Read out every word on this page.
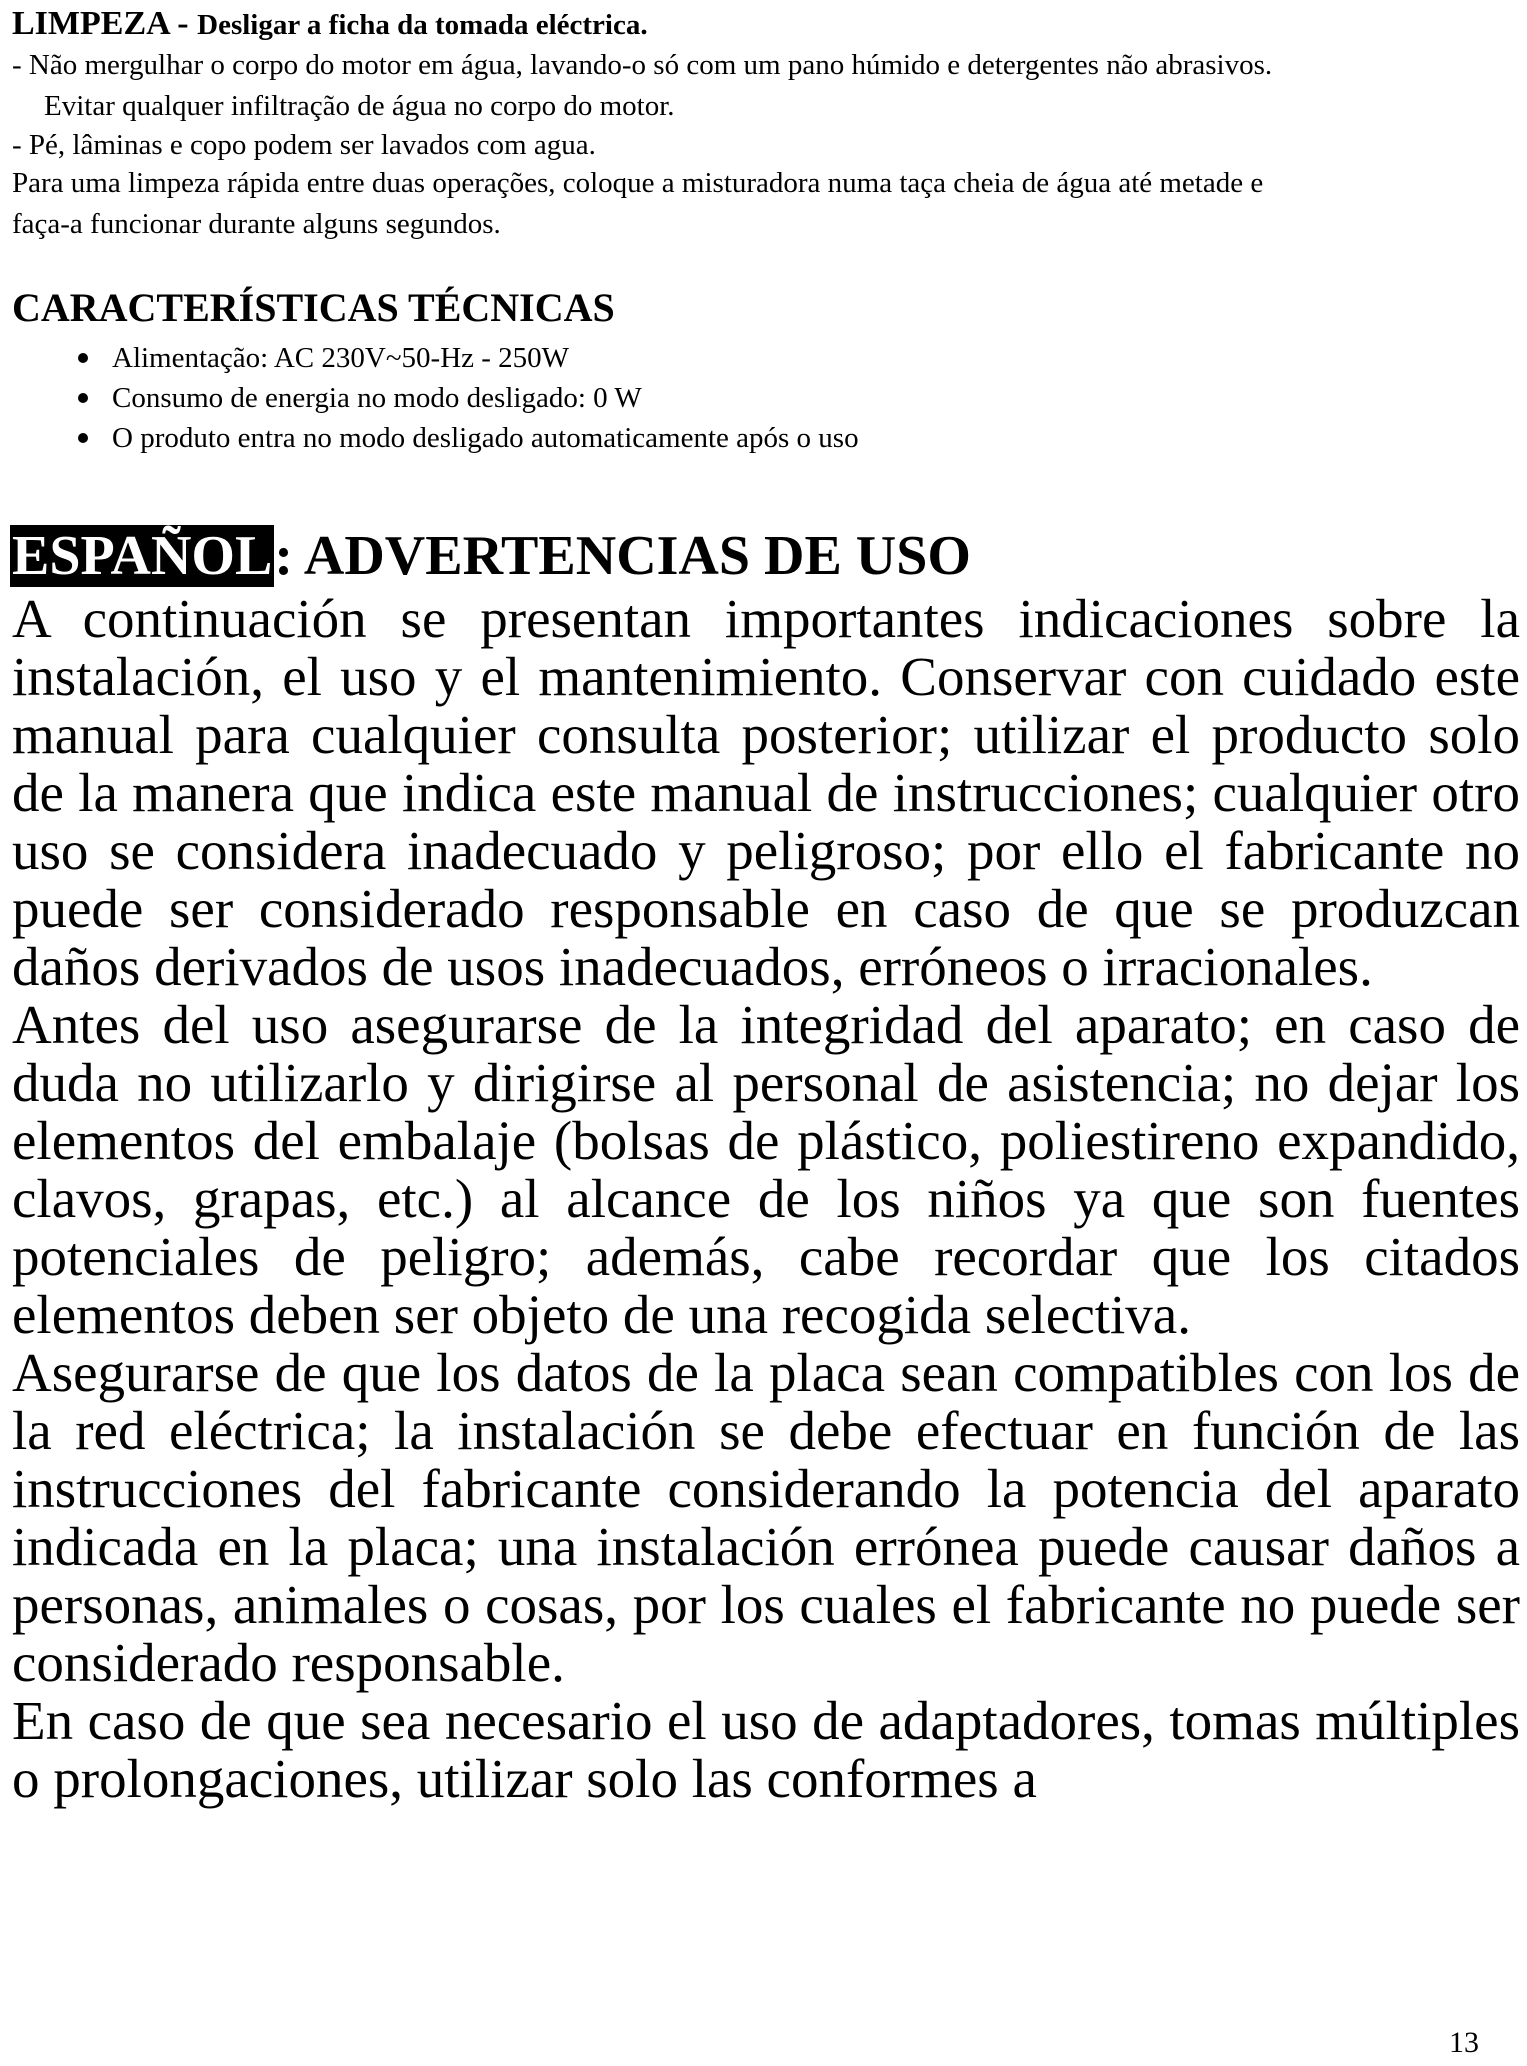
LIMPEZA - Desligar a ficha da tomada eléctrica.
- Não mergulhar o corpo do motor em água, lavando-o só com um pano húmido e detergentes não abrasivos.
Evitar qualquer infiltração de água no corpo do motor.
- Pé, lâminas e copo podem ser lavados com agua.
Para uma limpeza rápida entre duas operações, coloque a misturadora numa taça cheia de água até metade e
faça-a funcionar durante alguns segundos.
CARACTERÍSTICAS TÉCNICAS
Alimentação: AC 230V~50-Hz - 250W
Consumo de energia no modo desligado: 0 W
O produto entra no modo desligado automaticamente após o uso
ESPAÑOL: ADVERTENCIAS DE USO

A continuación se presentan importantes indicaciones sobre la instalación, el uso y el mantenimiento. Conservar con cuidado este manual para cualquier consulta posterior; utilizar el producto solo de la manera que indica este manual de instrucciones; cualquier otro uso se considera inadecuado y peligroso; por ello el fabricante no puede ser considerado responsable en caso de que se produzcan daños derivados de usos inadecuados, erróneos o irracionales.

Antes del uso asegurarse de la integridad del aparato; en caso de duda no utilizarlo y dirigirse al personal de asistencia; no dejar los elementos del embalaje (bolsas de plástico, poliestireno expandido, clavos, grapas, etc.) al alcance de los niños ya que son fuentes potenciales de peligro; además, cabe recordar que los citados elementos deben ser objeto de una recogida selectiva.

Asegurarse de que los datos de la placa sean compatibles con los de la red eléctrica; la instalación se debe efectuar en función de las instrucciones del fabricante considerando la potencia del aparato indicada en la placa; una instalación errónea puede causar daños a personas, animales o cosas, por los cuales el fabricante no puede ser considerado responsable.

En caso de que sea necesario el uso de adaptadores, tomas múltiples o prolongaciones, utilizar solo las conformes a

13
